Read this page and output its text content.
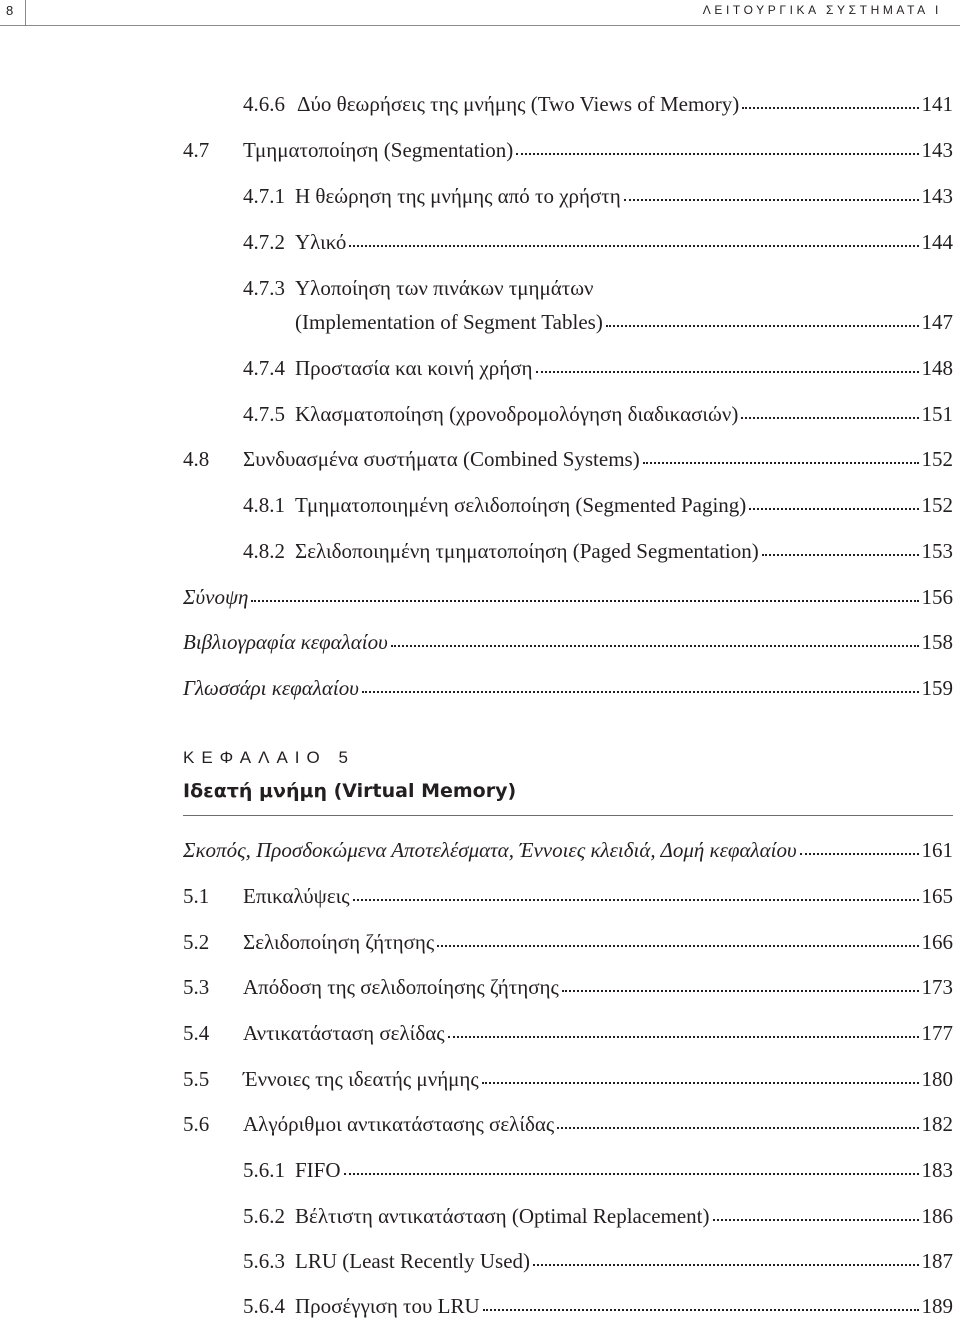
8	ΛΕΙΤΟΥΡΓΙΚΑ ΣΥΣΤΗΜΑΤΑ Ι
4.6.6 Δύο θεωρήσεις της μνήμης (Two Views of Memory)	141
4.7	Τμηματοποίηση (Segmentation)	143
4.7.1 Η θεώρηση της μνήμης από το χρήστη	143
4.7.2 Υλικό	144
4.7.3 Υλοποίηση των πινάκων τμημάτων
(Implementation of Segment Tables)	147
4.7.4 Προστασία και κοινή χρήση	148
4.7.5 Κλασματοποίηση (χρονοδρομολόγηση διαδικασιών)	151
4.8	Συνδυασμένα συστήματα (Combined Systems)	152
4.8.1 Τμηματοποιημένη σελιδοποίηση (Segmented Paging)	152
4.8.2 Σελιδοποιημένη τμηματοποίηση (Paged Segmentation)	153
Σύνοψη	156
Βιβλιογραφία κεφαλαίου	158
Γλωσσάρι κεφαλαίου	159
ΚΕΦΑΛΑΙΟ 5
Ιδεατή μνήμη (Virtual Memory)
Σκοπός, Προσδοκώμενα Αποτελέσματα, Έννοιες κλειδιά, Δομή κεφαλαίου	161
5.1	Επικαλύψεις	165
5.2	Σελιδοποίηση ζήτησης	166
5.3	Απόδοση της σελιδοποίησης ζήτησης	173
5.4	Αντικατάσταση σελίδας	177
5.5	Έννοιες της ιδεατής μνήμης	180
5.6	Αλγόριθμοι αντικατάστασης σελίδας	182
5.6.1 FIFO	183
5.6.2 Βέλτιστη αντικατάσταση (Optimal Replacement)	186
5.6.3 LRU (Least Recently Used)	187
5.6.4 Προσέγγιση του LRU	189
